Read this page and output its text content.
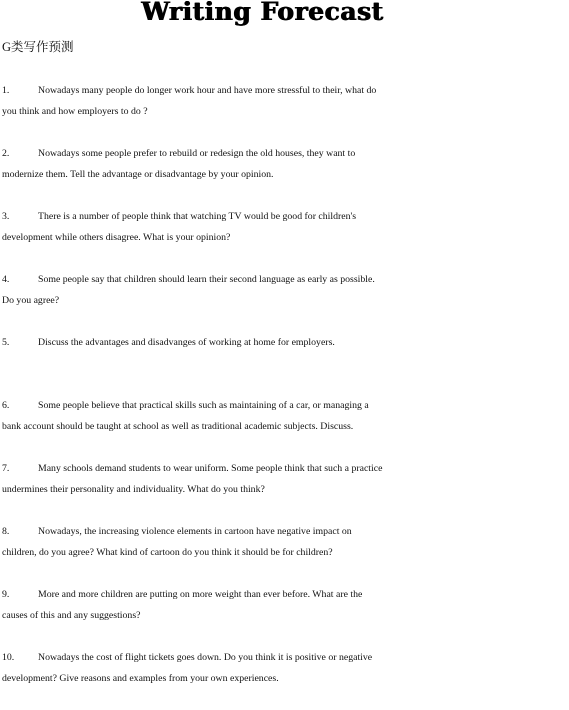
Writing Forecast
G类写作预测
1.	Nowadays many people do longer work hour and have more stressful to their, what do
you think and how employers to do ?
2.	Nowadays some people prefer to rebuild or redesign the old houses, they want to
modernize them. Tell the advantage or disadvantage by your opinion.
3.	There is a number of people think that watching TV would be good for children's
development while others disagree. What is your opinion?
4.	Some people say that children should learn their second language as early as possible.
Do you agree?
5.	Discuss the advantages and disadvanges of working at home for employers.
6.	Some people believe that practical skills such as maintaining of a car, or managing a
bank account should be taught at school as well as traditional academic subjects. Discuss.
7.	Many schools demand students to wear uniform. Some people think that such a practice
undermines their personality and individuality. What do you think?
8.	Nowadays, the increasing violence elements in cartoon have negative impact on
children, do you agree? What kind of cartoon do you think it should be for children?
9.	More and more children are putting on more weight than ever before. What are the
causes of this and any suggestions?
10. Nowadays the cost of flight tickets goes down. Do you think it is positive or negative
development? Give reasons and examples from your own experiences.
